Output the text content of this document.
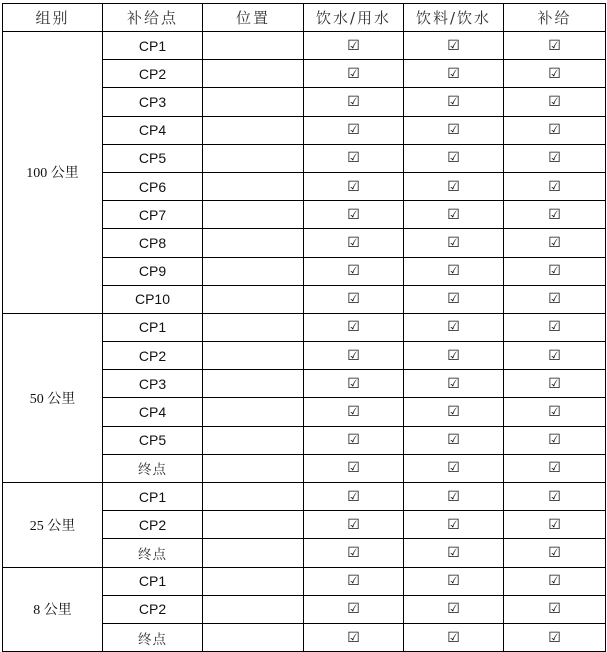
组别	补给点	位置	饮水/用水	饮料/饮水	补给
100 公里	CP1		☑	☑	☑
	CP2		☑	☑	☑
	CP3		☑	☑	☑
	CP4		☑	☑	☑
	CP5		☑	☑	☑
	CP6		☑	☑	☑
	CP7		☑	☑	☑
	CP8		☑	☑	☑
	CP9		☑	☑	☑
	CP10		☑	☑	☑
50 公里	CP1		☑	☑	☑
	CP2		☑	☑	☑
	CP3		☑	☑	☑
	CP4		☑	☑	☑
	CP5		☑	☑	☑
	终点		☑	☑	☑
25 公里	CP1		☑	☑	☑
	CP2		☑	☑	☑
	终点		☑	☑	☑
8 公里	CP1		☑	☑	☑
	CP2		☑	☑	☑
	终点		☑	☑	☑
